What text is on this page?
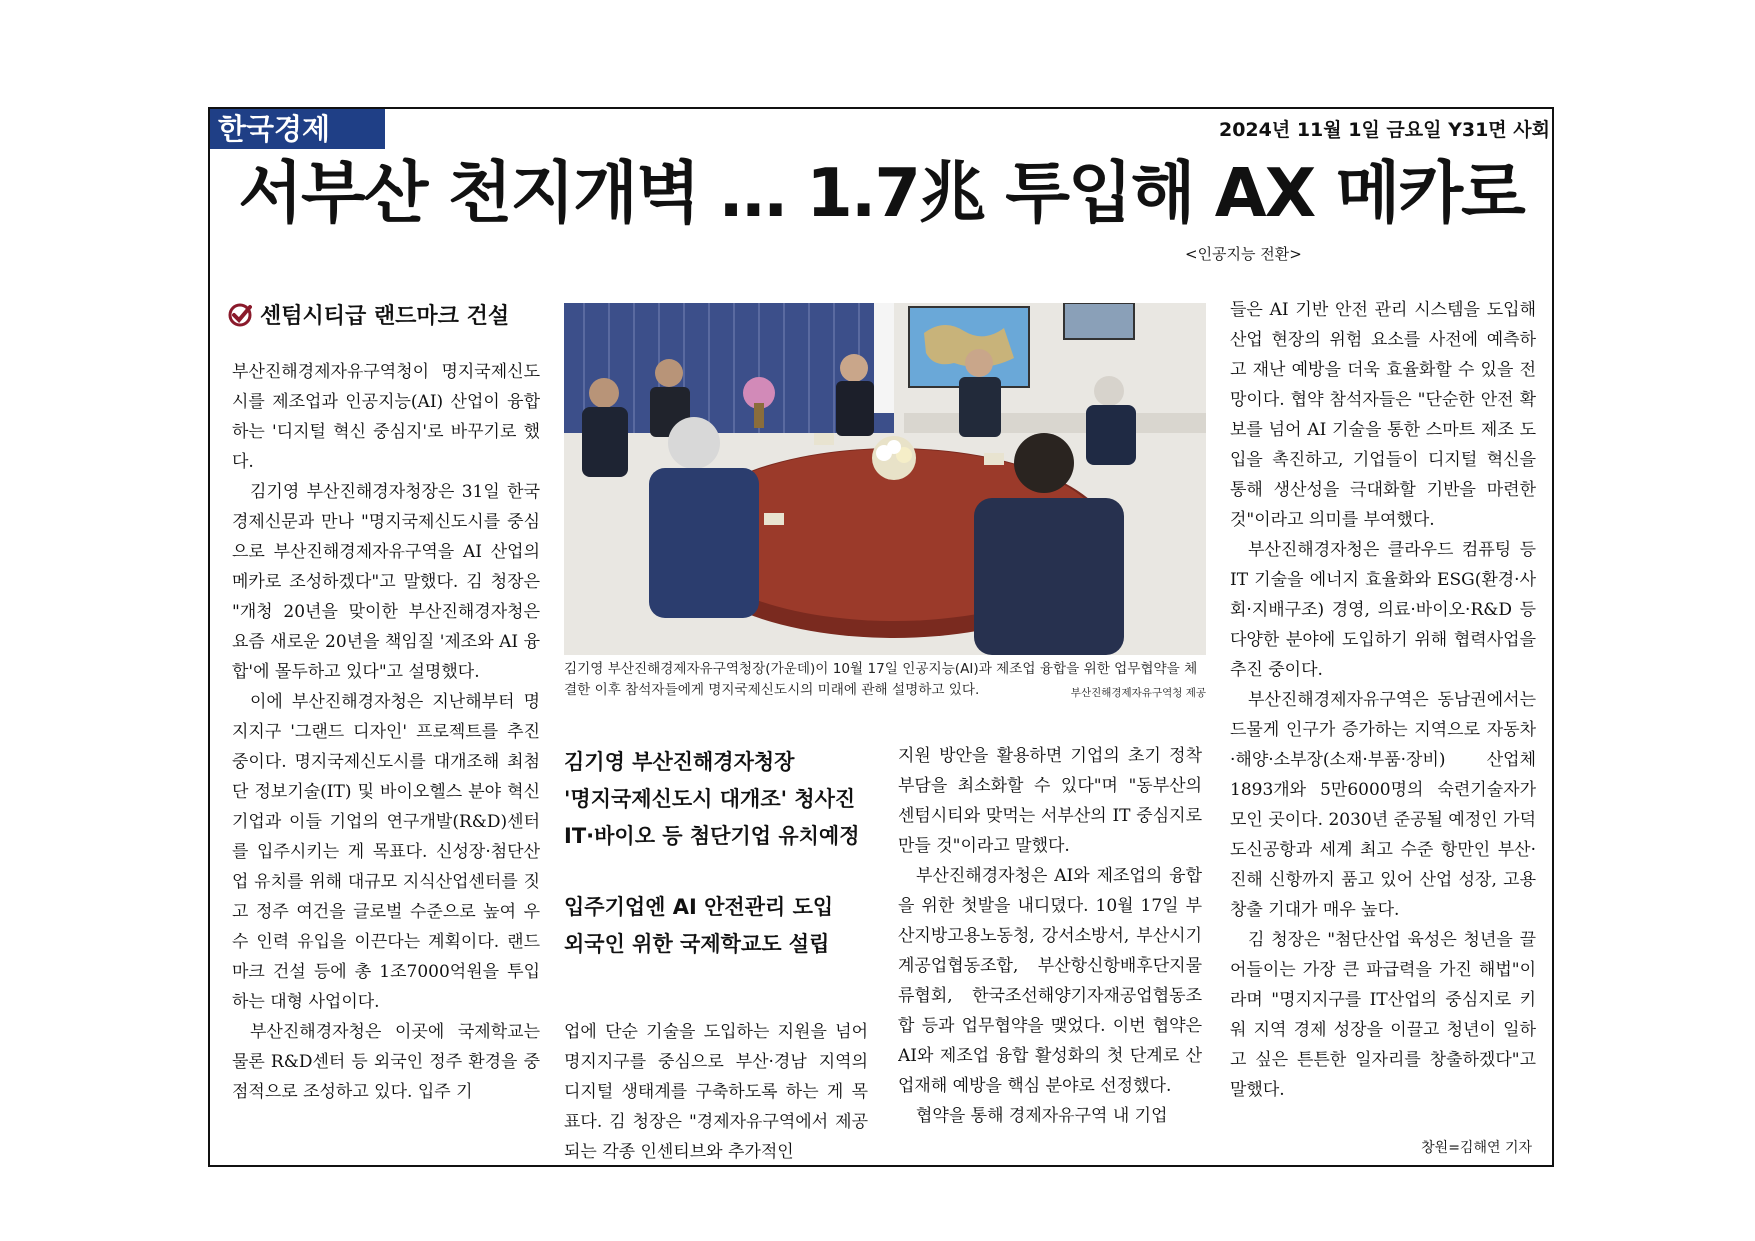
한국경제	2024년 11월 1일 금요일 Y31면 사회
서부산 천지개벽 … 1.7兆 투입해 AX 메카로
<인공지능 전환>
센텀시티급 랜드마크 건설

부산진해경제자유구역청이 명지국제신도시를 제조업과 인공지능(AI) 산업이 융합하는 '디지털 혁신 중심지'로 바꾸기로 했다.

김기영 부산진해경자청장은 31일 한국경제신문과 만나 "명지국제신도시를 중심으로 부산진해경제자유구역을 AI 산업의 메카로 조성하겠다"고 말했다. 김 청장은 "개청 20년을 맞이한 부산진해경자청은 요즘 새로운 20년을 책임질 '제조와 AI 융합'에 몰두하고 있다"고 설명했다.

이에 부산진해경자청은 지난해부터 명지지구 '그랜드 디자인' 프로젝트를 추진 중이다. 명지국제신도시를 대개조해 최첨단 정보기술(IT) 및 바이오헬스 분야 혁신 기업과 이들 기업의 연구개발(R&D)센터를 입주시키는 게 목표다. 신성장·첨단산업 유치를 위해 대규모 지식산업센터를 짓고 정주 여건을 글로벌 수준으로 높여 우수 인력 유입을 이끈다는 계획이다. 랜드마크 건설 등에 총 1조7000억원을 투입하는 대형 사업이다.

부산진해경자청은 이곳에 국제학교는 물론 R&D센터 등 외국인 정주 환경을 중점적으로 조성하고 있다. 입주 기

김기영 부산진해경제자유구역청장(가운데)이 10월 17일 인공지능(AI)과 제조업 융합을 위한 업무협약을 체결한 이후 참석자들에게 명지국제신도시의 미래에 관해 설명하고 있다.	부산진해경제자유구역청 제공
김기영 부산진해경자청장
'명지국제신도시 대개조' 청사진
IT·바이오 등 첨단기업 유치예정
입주기업엔 AI 안전관리 도입
외국인 위한 국제학교도 설립

업에 단순 기술을 도입하는 지원을 넘어 명지지구를 중심으로 부산·경남 지역의 디지털 생태계를 구축하도록 하는 게 목표다. 김 청장은 "경제자유구역에서 제공되는 각종 인센티브와 추가적인

지원 방안을 활용하면 기업의 초기 정착 부담을 최소화할 수 있다"며 "동부산의 센텀시티와 맞먹는 서부산의 IT 중심지로 만들 것"이라고 말했다.

부산진해경자청은 AI와 제조업의 융합을 위한 첫발을 내디뎠다. 10월 17일 부산지방고용노동청, 강서소방서, 부산시기계공업협동조합, 부산항신항배후단지물류협회, 한국조선해양기자재공업협동조합 등과 업무협약을 맺었다. 이번 협약은 AI와 제조업 융합 활성화의 첫 단계로 산업재해 예방을 핵심 분야로 선정했다.

협약을 통해 경제자유구역 내 기업

들은 AI 기반 안전 관리 시스템을 도입해 산업 현장의 위험 요소를 사전에 예측하고 재난 예방을 더욱 효율화할 수 있을 전망이다. 협약 참석자들은 "단순한 안전 확보를 넘어 AI 기술을 통한 스마트 제조 도입을 촉진하고, 기업들이 디지털 혁신을 통해 생산성을 극대화할 기반을 마련한 것"이라고 의미를 부여했다.

부산진해경자청은 클라우드 컴퓨팅 등 IT 기술을 에너지 효율화와 ESG(환경·사회·지배구조) 경영, 의료·바이오·R&D 등 다양한 분야에 도입하기 위해 협력사업을 추진 중이다.

부산진해경제자유구역은 동남권에서는 드물게 인구가 증가하는 지역으로 자동차·해양·소부장(소재·부품·장비) 산업체 1893개와 5만6000명의 숙련기술자가 모인 곳이다. 2030년 준공될 예정인 가덕도신공항과 세계 최고 수준 항만인 부산·진해 신항까지 품고 있어 산업 성장, 고용 창출 기대가 매우 높다.

김 청장은 "첨단산업 육성은 청년을 끌어들이는 가장 큰 파급력을 가진 해법"이라며 "명지지구를 IT산업의 중심지로 키워 지역 경제 성장을 이끌고 청년이 일하고 싶은 튼튼한 일자리를 창출하겠다"고 말했다.

창원=김해연 기자
